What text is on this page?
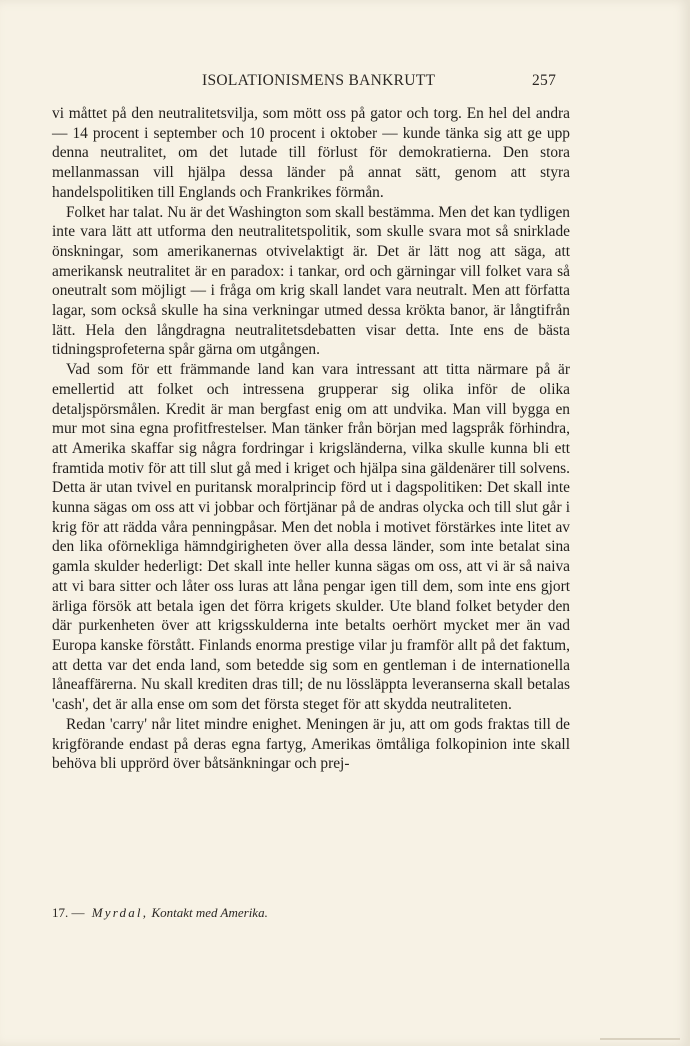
ISOLATIONISMENS BANKRUTT	257

vi måttet på den neutralitetsvilja, som mött oss på gator och torg. En hel del andra — 14 procent i september och 10 procent i oktober — kunde tänka sig att ge upp denna neutralitet, om det lutade till förlust för demokratierna. Den stora mellanmassan vill hjälpa dessa länder på annat sätt, genom att styra handelspolitiken till Englands och Frankrikes förmån.

Folket har talat. Nu är det Washington som skall bestämma. Men det kan tydligen inte vara lätt att utforma den neutralitetspolitik, som skulle svara mot så snirklade önskningar, som amerikanernas otvivelaktigt är. Det är lätt nog att säga, att amerikansk neutralitet är en paradox: i tankar, ord och gärningar vill folket vara så oneutralt som möjligt — i fråga om krig skall landet vara neutralt. Men att författa lagar, som också skulle ha sina verkningar utmed dessa krökta banor, är långtifrån lätt. Hela den långdragna neutralitetsdebatten visar detta. Inte ens de bästa tidningsprofeterna spår gärna om utgången.

Vad som för ett främmande land kan vara intressant att titta närmare på är emellertid att folket och intressena grupperar sig olika inför de olika detaljspörsmålen. Kredit är man bergfast enig om att undvika. Man vill bygga en mur mot sina egna profitfrestelser. Man tänker från början med lagspråk förhindra, att Amerika skaffar sig några fordringar i krigsländerna, vilka skulle kunna bli ett framtida motiv för att till slut gå med i kriget och hjälpa sina gäldenärer till solvens. Detta är utan tvivel en puritansk moralprincip förd ut i dagspolitiken: Det skall inte kunna sägas om oss att vi jobbar och förtjänar på de andras olycka och till slut går i krig för att rädda våra penningpåsar. Men det nobla i motivet förstärkes inte litet av den lika oförnekliga hämndgirigheten över alla dessa länder, som inte betalat sina gamla skulder hederligt: Det skall inte heller kunna sägas om oss, att vi är så naiva att vi bara sitter och låter oss luras att låna pengar igen till dem, som inte ens gjort ärliga försök att betala igen det förra krigets skulder. Ute bland folket betyder den där purkenheten över att krigsskulderna inte betalts oerhört mycket mer än vad Europa kanske förstått. Finlands enorma prestige vilar ju framför allt på det faktum, att detta var det enda land, som betedde sig som en gentleman i de internationella låneaffärerna. Nu skall krediten dras till; de nu lössläppta leveranserna skall betalas 'cash', det är alla ense om som det första steget för att skydda neutraliteten.

Redan 'carry' når litet mindre enighet. Meningen är ju, att om gods fraktas till de krigförande endast på deras egna fartyg, Amerikas ömtåliga folkopinion inte skall behöva bli upprörd över båtsänkningar och prej-

17. — Myrdal, Kontakt med Amerika.
